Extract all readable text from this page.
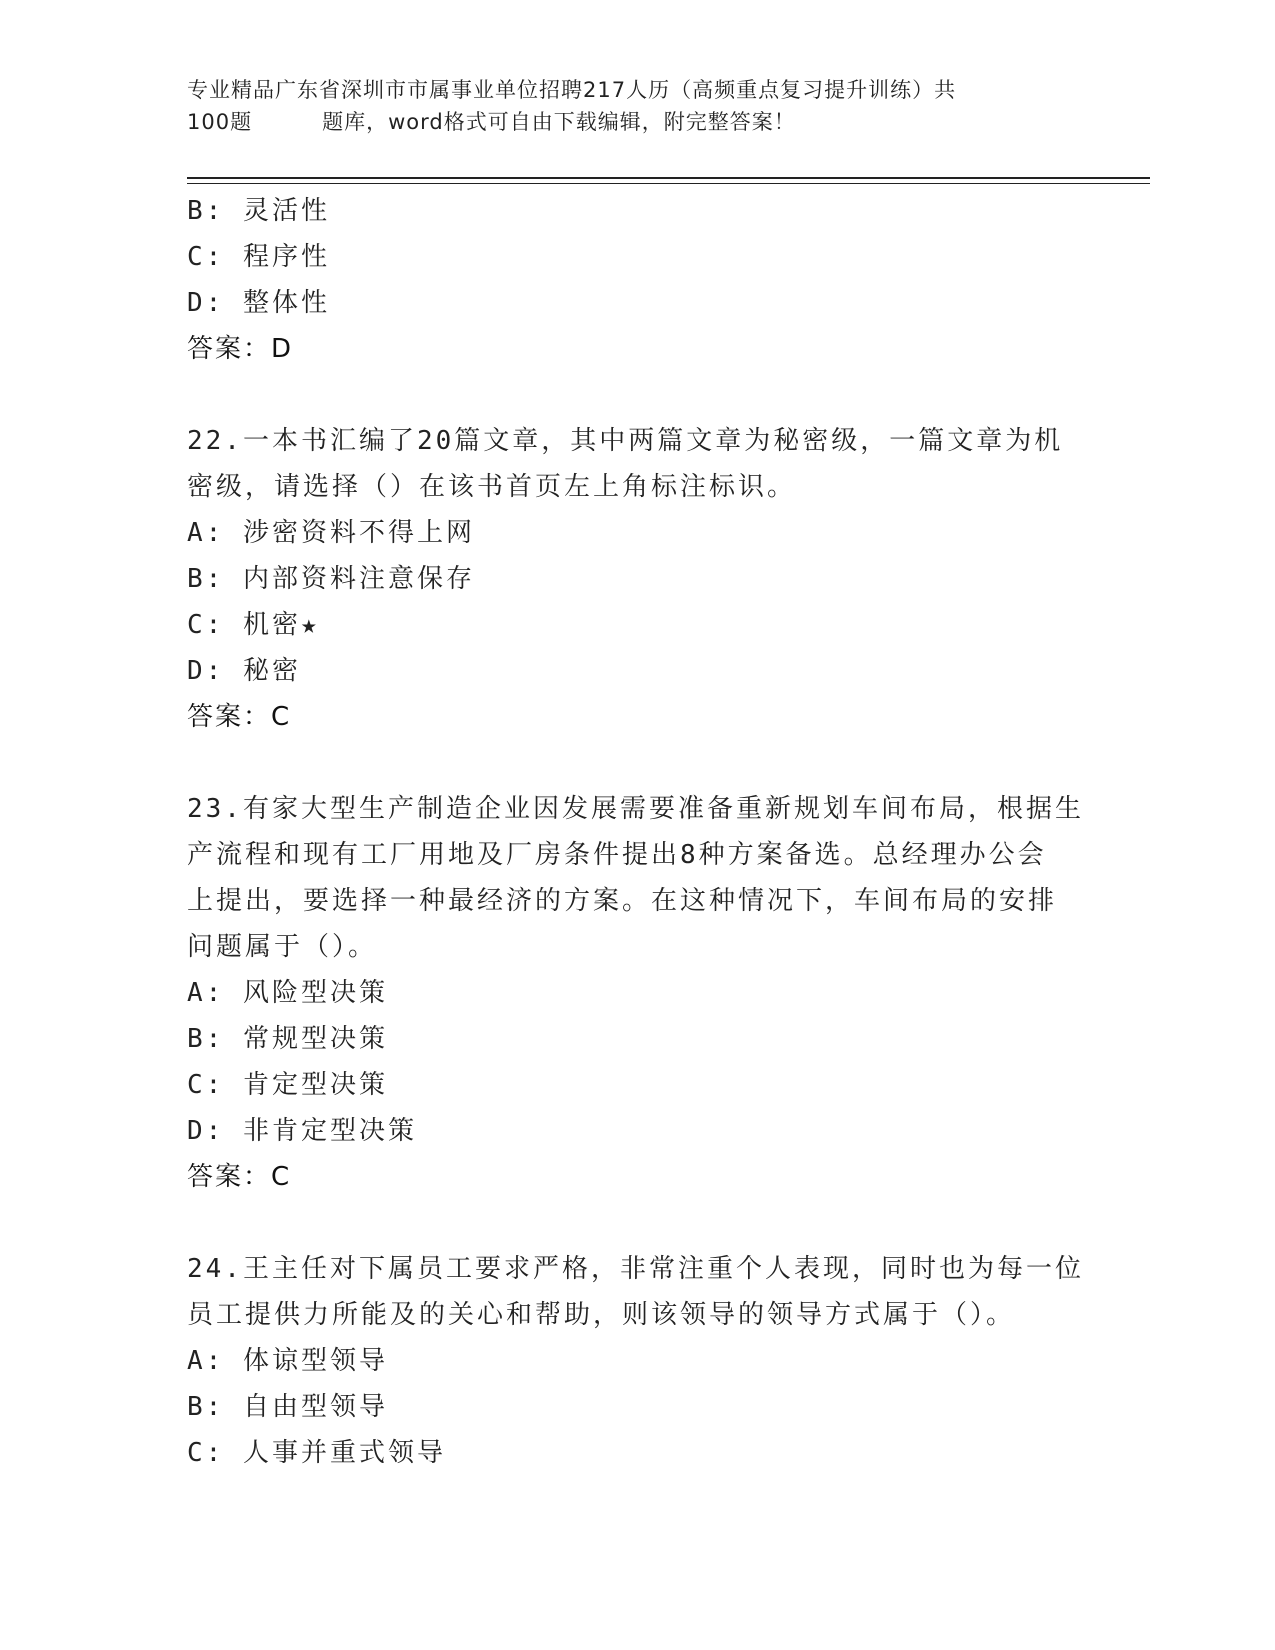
专业精品广东省深圳市市属事业单位招聘217人历（高频重点复习提升训练）共
100题	题库，word格式可自由下载编辑，附完整答案！
B: 灵活性
C: 程序性
D: 整体性
答案：D
22.一本书汇编了20篇文章，其中两篇文章为秘密级，一篇文章为机
密级，请选择（）在该书首页左上角标注标识。
A: 涉密资料不得上网
B: 内部资料注意保存
C: 机密★
D: 秘密
答案：C
23.有家大型生产制造企业因发展需要准备重新规划车间布局，根据生
产流程和现有工厂用地及厂房条件提出8种方案备选。总经理办公会
上提出，要选择一种最经济的方案。在这种情况下，车间布局的安排
问题属于（）。
A: 风险型决策
B: 常规型决策
C: 肯定型决策
D: 非肯定型决策
答案：C
24.王主任对下属员工要求严格，非常注重个人表现，同时也为每一位
员工提供力所能及的关心和帮助，则该领导的领导方式属于（）。
A: 体谅型领导
B: 自由型领导
C: 人事并重式领导
